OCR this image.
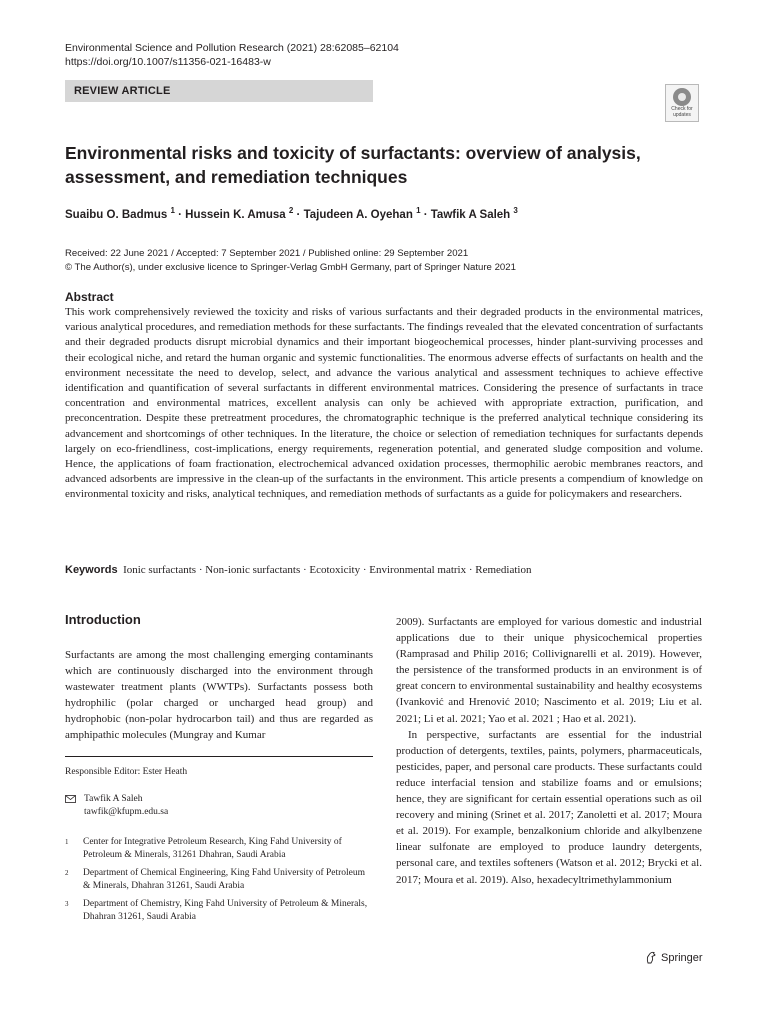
Environmental Science and Pollution Research (2021) 28:62085–62104
https://doi.org/10.1007/s11356-021-16483-w
REVIEW ARTICLE
Check for
updates
Environmental risks and toxicity of surfactants: overview of analysis, assessment, and remediation techniques
Suaibu O. Badmus $^1$ · Hussein K. Amusa $^2$ · Tajudeen A. Oyehan $^1$ · Tawfik A Saleh $^3$
Received: 22 June 2021 / Accepted: 7 September 2021 / Published online: 29 September 2021
© The Author(s), under exclusive licence to Springer-Verlag GmbH Germany, part of Springer Nature 2021
Abstract
This work comprehensively reviewed the toxicity and risks of various surfactants and their degraded products in the environmental matrices, various analytical procedures, and remediation methods for these surfactants. The findings revealed that the elevated concentration of surfactants and their degraded products disrupt microbial dynamics and their important biogeochemical processes, hinder plant-surviving processes and their ecological niche, and retard the human organic and systemic functionalities. The enormous adverse effects of surfactants on health and the environment necessitate the need to develop, select, and advance the various analytical and assessment techniques to achieve effective identification and quantification of several surfactants in different environmental matrices. Considering the presence of surfactants in trace concentration and environmental matrices, excellent analysis can only be achieved with appropriate extraction, purification, and preconcentration. Despite these pretreatment procedures, the chromatographic technique is the preferred analytical technique considering its advancement and shortcomings of other techniques. In the literature, the choice or selection of remediation techniques for surfactants depends largely on eco-friendliness, cost-implications, energy requirements, regeneration potential, and generated sludge composition and volume. Hence, the applications of foam fractionation, electrochemical advanced oxidation processes, thermophilic aerobic membranes reactors, and advanced adsorbents are impressive in the clean-up of the surfactants in the environment. This article presents a compendium of knowledge on environmental toxicity and risks, analytical techniques, and remediation methods of surfactants as a guide for policymakers and researchers.
Keywords Ionic surfactants · Non-ionic surfactants · Ecotoxicity · Environmental matrix · Remediation
Introduction
Surfactants are among the most challenging emerging contaminants which are continuously discharged into the environment through wastewater treatment plants (WWTPs). Surfactants possess both hydrophilic (polar charged or uncharged head group) and hydrophobic (non-polar hydrocarbon tail) and thus are regarded as amphipathic molecules (Mungray and Kumar

2009). Surfactants are employed for various domestic and industrial applications due to their unique physicochemical properties (Ramprasad and Philip 2016; Collivignarelli et al. 2019). However, the persistence of the transformed products in an environment is of great concern to environmental sustainability and healthy ecosystems (Ivanković and Hrenović 2010; Nascimento et al. 2019; Liu et al. 2021; Li et al. 2021; Yao et al. 2021 ; Hao et al. 2021).

In perspective, surfactants are essential for the industrial production of detergents, textiles, paints, polymers, pharmaceuticals, pesticides, paper, and personal care products. These surfactants could reduce interfacial tension and stabilize foams and or emulsions; hence, they are significant for certain essential operations such as oil recovery and mining (Srinet et al. 2017; Zanoletti et al. 2017; Moura et al. 2019). For example, benzalkonium chloride and alkylbenzene linear sulfonate are employed to produce laundry detergents, personal care, and textiles softeners (Watson et al. 2012; Brycki et al. 2017; Moura et al. 2019). Also, hexadecyltrimethylammonium

Responsible Editor: Ester Heath
Tawfik A Saleh
tawfik@kfupm.edu.sa
1 Center for Integrative Petroleum Research, King Fahd University of Petroleum & Minerals, 31261 Dhahran, Saudi Arabia
2 Department of Chemical Engineering, King Fahd University of Petroleum & Minerals, Dhahran 31261, Saudi Arabia
3 Department of Chemistry, King Fahd University of Petroleum & Minerals, Dhahran 31261, Saudi Arabia
Springer
